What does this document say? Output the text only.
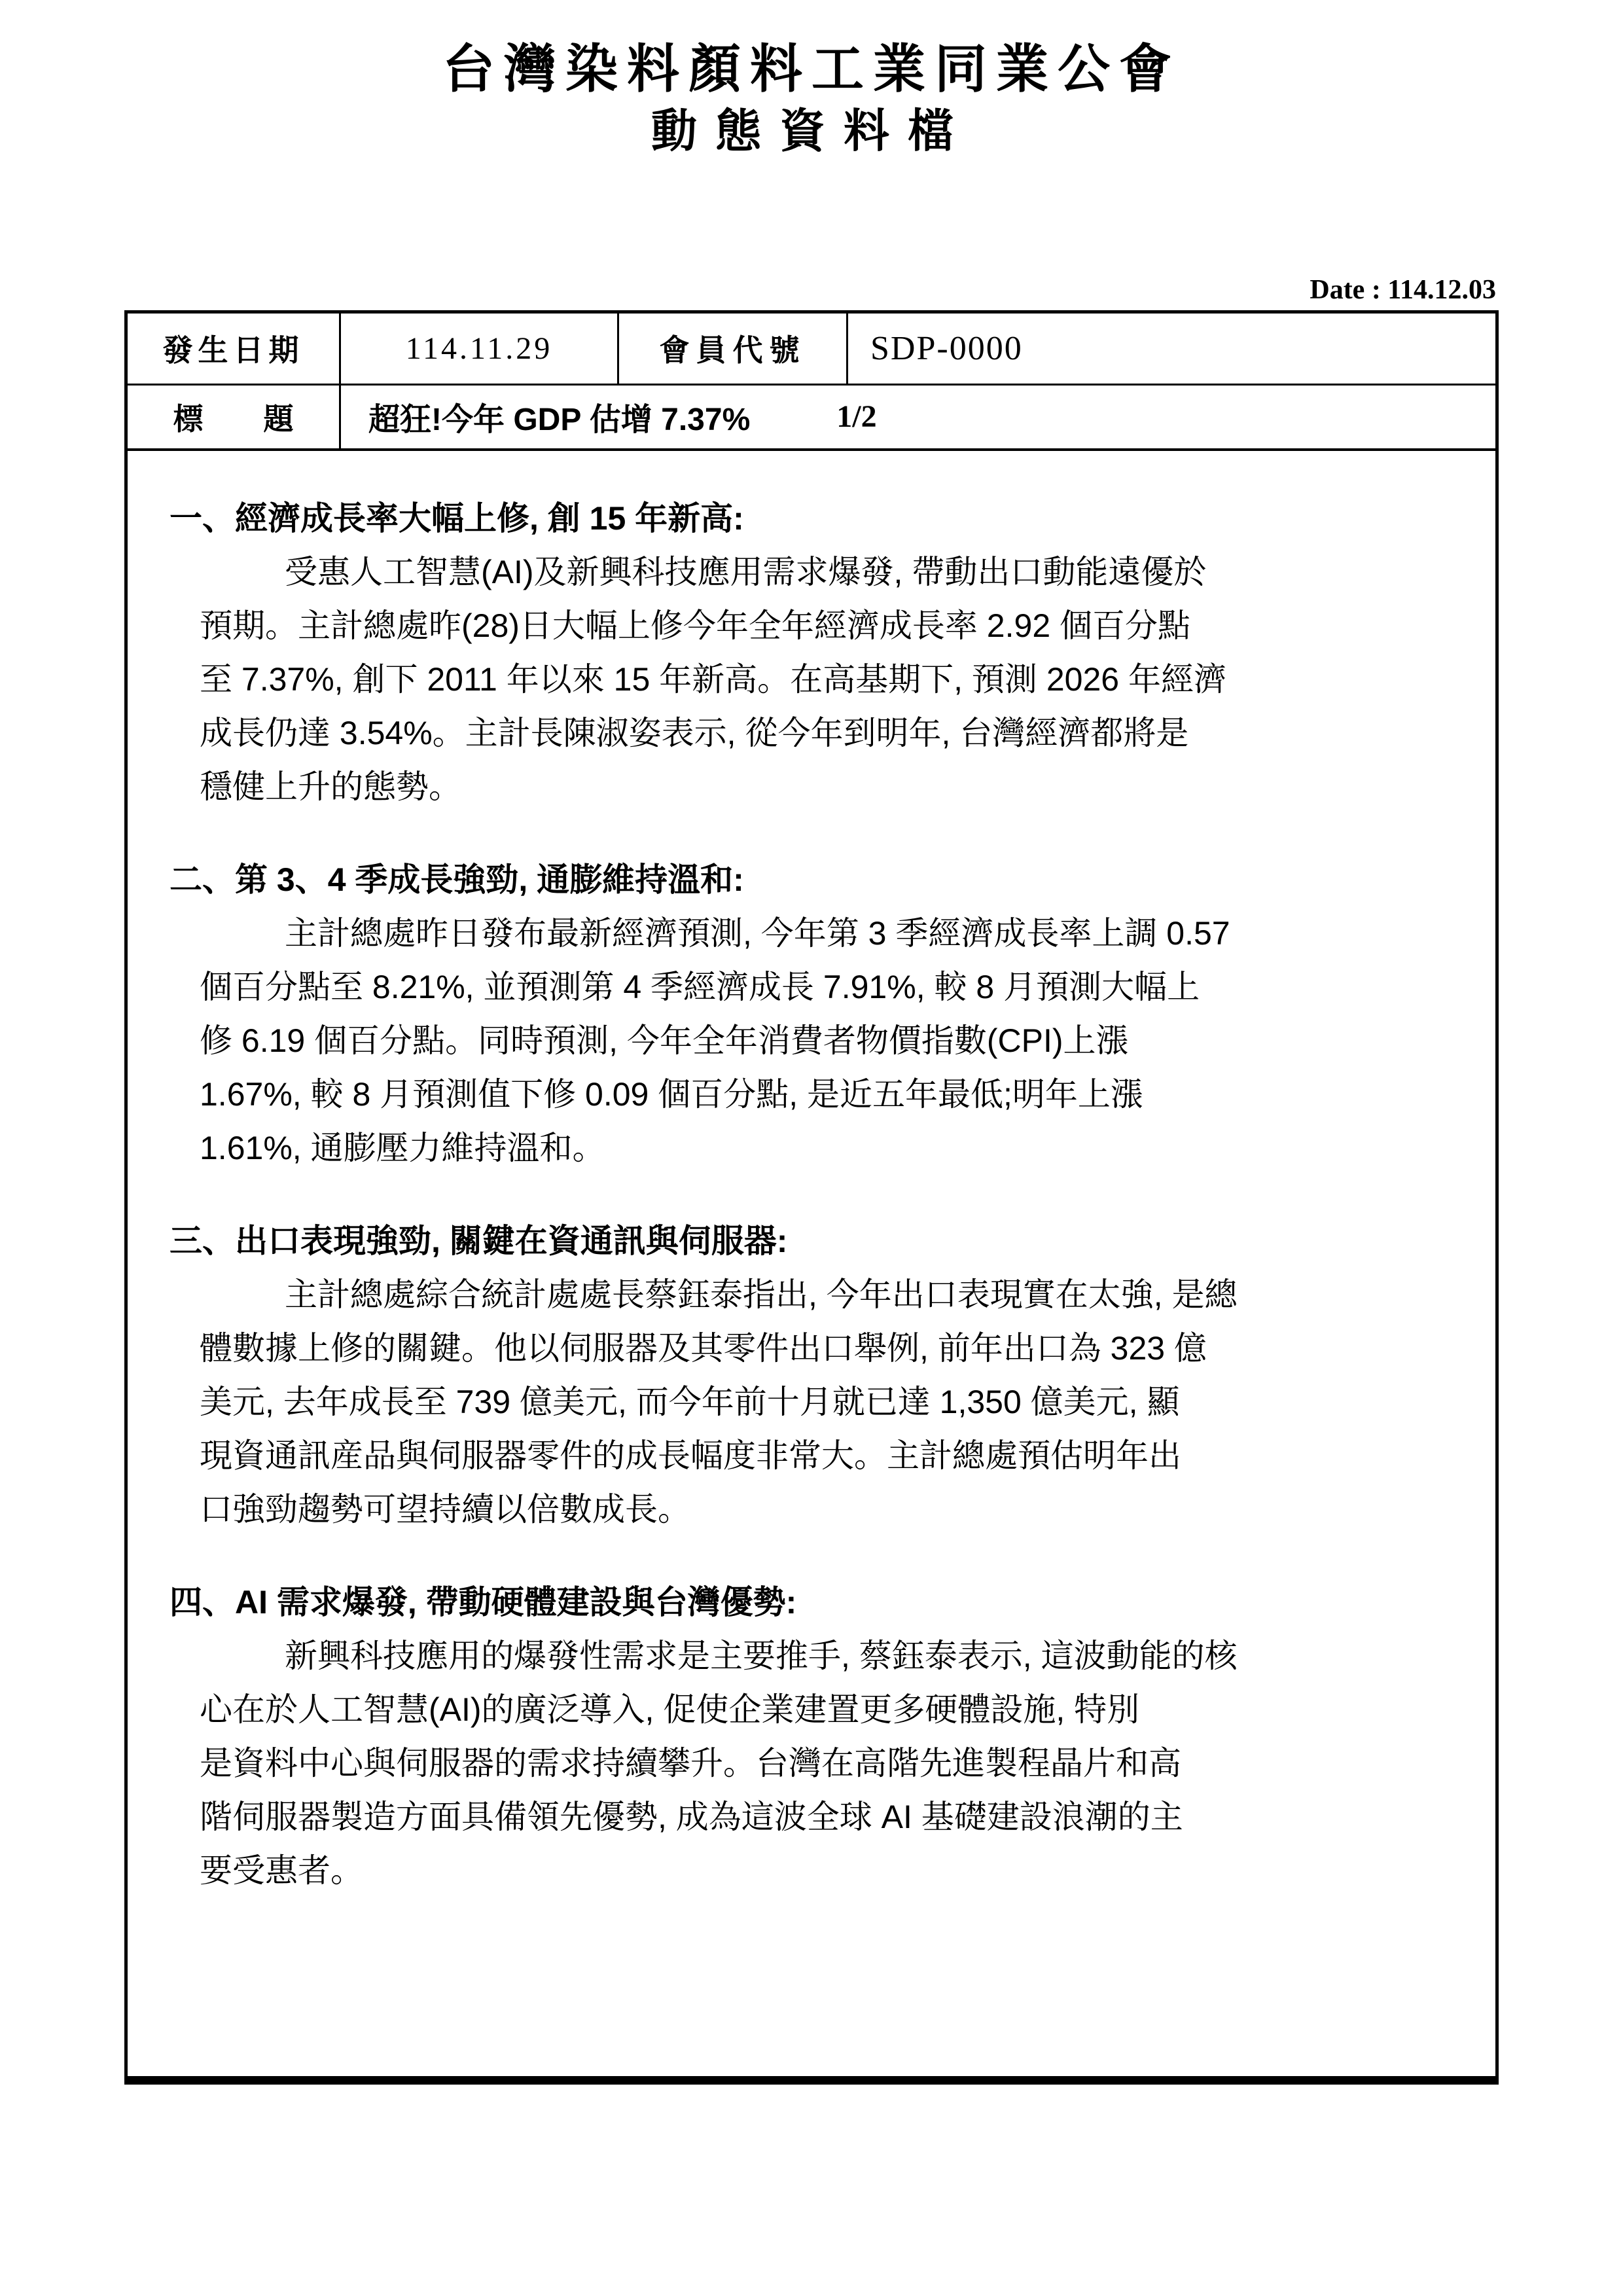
台灣染料顏料工業同業公會
動態資料檔
Date : 114.12.03
發生日期	114.11.29	會員代號	SDP-0000
標　　題	超狂!今年 GDP 估增 7.37%	1/2
一、經濟成長率大幅上修, 創 15 年新高:
受惠人工智慧(AI)及新興科技應用需求爆發, 帶動出口動能遠優於
預期。主計總處昨(28)日大幅上修今年全年經濟成長率 2.92 個百分點
至 7.37%, 創下 2011 年以來 15 年新高。在高基期下, 預測 2026 年經濟
成長仍達 3.54%。主計長陳淑姿表示, 從今年到明年, 台灣經濟都將是
穩健上升的態勢。
二、第 3、4 季成長強勁, 通膨維持溫和:
主計總處昨日發布最新經濟預測, 今年第 3 季經濟成長率上調 0.57
個百分點至 8.21%, 並預測第 4 季經濟成長 7.91%, 較 8 月預測大幅上
修 6.19 個百分點。同時預測, 今年全年消費者物價指數(CPI)上漲
1.67%, 較 8 月預測值下修 0.09 個百分點, 是近五年最低;明年上漲
1.61%, 通膨壓力維持溫和。
三、出口表現強勁, 關鍵在資通訊與伺服器:
主計總處綜合統計處處長蔡鈺泰指出, 今年出口表現實在太強, 是總
體數據上修的關鍵。他以伺服器及其零件出口舉例, 前年出口為 323 億
美元, 去年成長至 739 億美元, 而今年前十月就已達 1,350 億美元, 顯
現資通訊産品與伺服器零件的成長幅度非常大。主計總處預估明年出
口強勁趨勢可望持續以倍數成長。
四、AI 需求爆發, 帶動硬體建設與台灣優勢:
新興科技應用的爆發性需求是主要推手, 蔡鈺泰表示, 這波動能的核
心在於人工智慧(AI)的廣泛導入, 促使企業建置更多硬體設施, 特別
是資料中心與伺服器的需求持續攀升。台灣在高階先進製程晶片和高
階伺服器製造方面具備領先優勢, 成為這波全球 AI 基礎建設浪潮的主
要受惠者。
